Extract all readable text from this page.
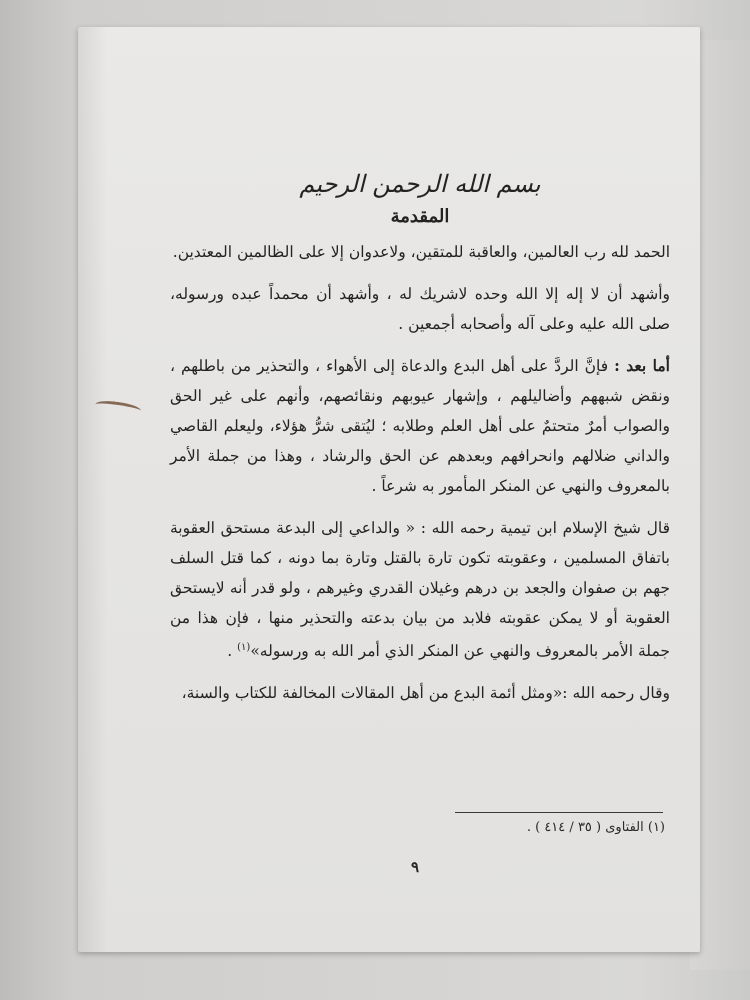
بسم الله الرحمن الرحيم
المقدمة

الحمد لله رب العالمين، والعاقبة للمتقين، ولاعدوان إلا على الظالمين المعتدين.

وأشهد أن لا إله إلا الله وحده لاشريك له ، وأشهد أن محمداً عبده ورسوله، صلى الله عليه وعلى آله وأصحابه أجمعين .

أما بعد : فإنَّ الردَّ على أهل البدع والدعاة إلى الأهواء ، والتحذير من باطلهم ، ونقض شبههم وأضاليلهم ، وإشهار عيوبهم ونقائصهم، وأنهم على غير الحق والصواب أمرٌ متحتمٌ على أهل العلم وطلابه ؛ ليُتقى شرُّ هؤلاء، وليعلم القاصي والداني ضلالهم وانحرافهم وبعدهم عن الحق والرشاد ، وهذا من جملة الأمر بالمعروف والنهي عن المنكر المأمور به شرعاً .

قال شيخ الإسلام ابن تيمية رحمه الله : « والداعي إلى البدعة مستحق العقوبة باتفاق المسلمين ، وعقوبته تكون تارة بالقتل وتارة بما دونه ، كما قتل السلف جهم بن صفوان والجعد بن درهم وغيلان القدري وغيرهم ، ولو قدر أنه لايستحق العقوبة أو لا يمكن عقوبته فلابد من بيان بدعته والتحذير منها ، فإن هذا من جملة الأمر بالمعروف والنهي عن المنكر الذي أمر الله به ورسوله»$^{(١)}$ .

وقال رحمه الله :«ومثل أئمة البدع من أهل المقالات المخالفة للكتاب والسنة،

(١) الفتاوى ( ٣٥ / ٤١٤ ) .
٩
